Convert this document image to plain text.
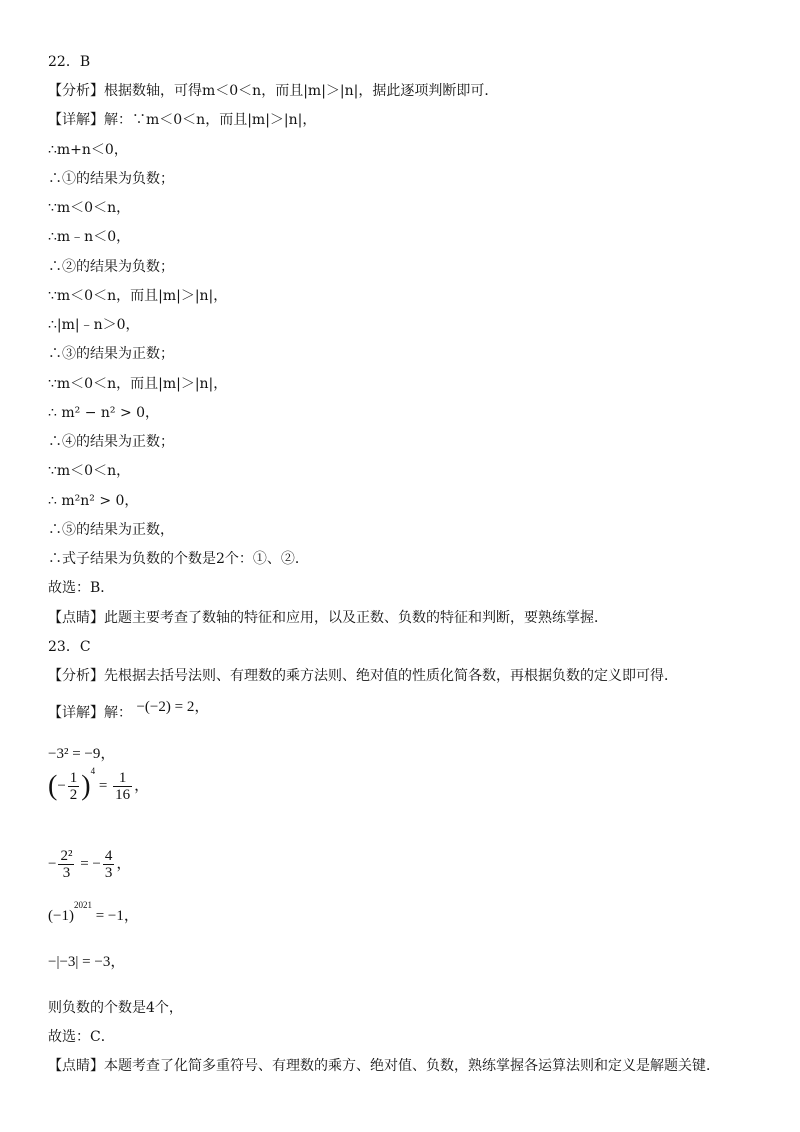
22．B
【分析】根据数轴，可得m＜0＜n，而且|m|＞|n|，据此逐项判断即可．
【详解】解：∵m＜0＜n，而且|m|＞|n|，
∴m+n＜0，
∴①的结果为负数；
∵m＜0＜n，
∴m﹣n＜0，
∴②的结果为负数；
∵m＜0＜n，而且|m|＞|n|，
∴|m|﹣n＞0，
∴③的结果为正数；
∵m＜0＜n，而且|m|＞|n|，
∴ m² − n² > 0，
∴④的结果为正数；
∵m＜0＜n，
∴ m²n² > 0，
∴⑤的结果为正数，
∴式子结果为负数的个数是2个：①、②．
故选：B．
【点睛】此题主要考查了数轴的特征和应用，以及正数、负数的特征和判断，要熟练掌握．
23．C
【分析】先根据去括号法则、有理数的乘方法则、绝对值的性质化简各数，再根据负数的定义即可得．
【详解】解： −(−2) = 2，
−3² = −9，
(− $\frac{1}{2} )^4 = \frac{1}{16}$ ，
− $\frac{\text{2²}}{3}$ = − $\frac{4}{3}$ ，
$(-1)^{2021} = -1$，
−|−3| = −3，
则负数的个数是4个，
故选：C．
【点睛】本题考查了化简多重符号、有理数的乘方、绝对值、负数，熟练掌握各运算法则和定义是解题关键．
